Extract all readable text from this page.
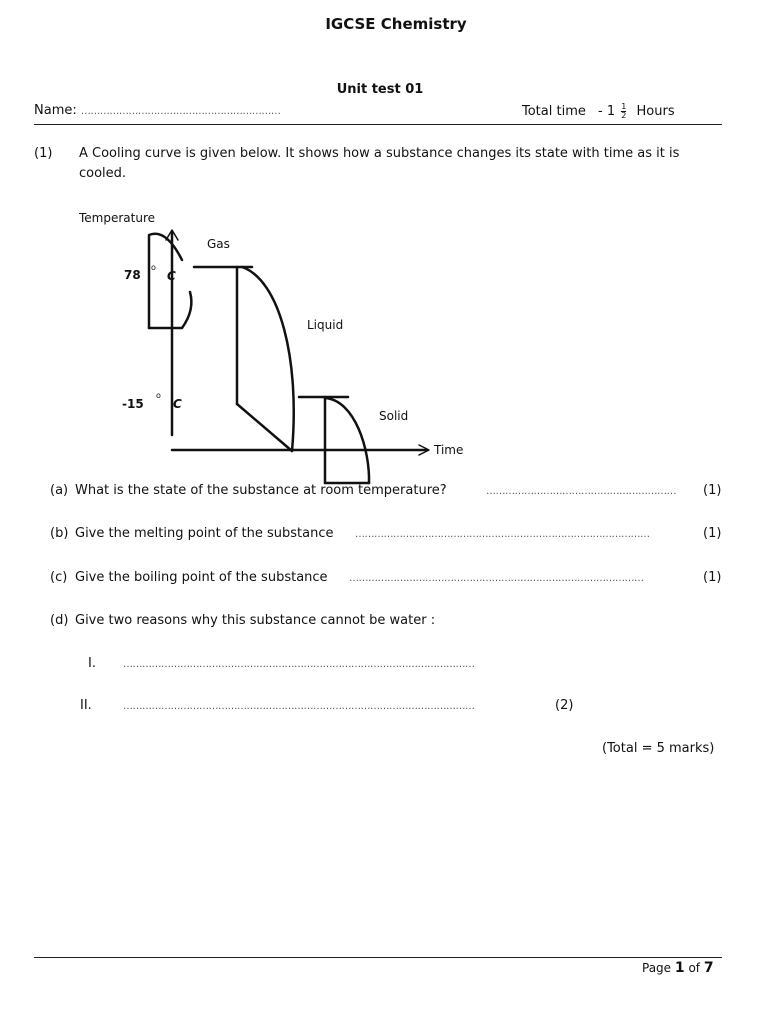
IGCSE Chemistry
Unit test 01
Name: ………………………………………………………	Total time - $1 \frac{1}{2}$ Hours
(1) A Cooling curve is given below. It shows how a substance changes its state with time as it is
cooled.
Temperature
Time
Gas
Liquid
Solid
78
o
C
-15
o
C
(a) What is the state of the substance at room temperature?	…………………………………………………… (1)
(b) Give the melting point of the substance …………………………………………………………………………………	(1)
(c) Give the boiling point of the substance …………………………………………………………………………………	(1)
(d) Give two reasons why this substance cannot be water :
I.	…………………………………………………………………………………………………
II.	…………………………………………………………………………………………………	(2)
(Total = 5 marks)
Page 1 of 7
